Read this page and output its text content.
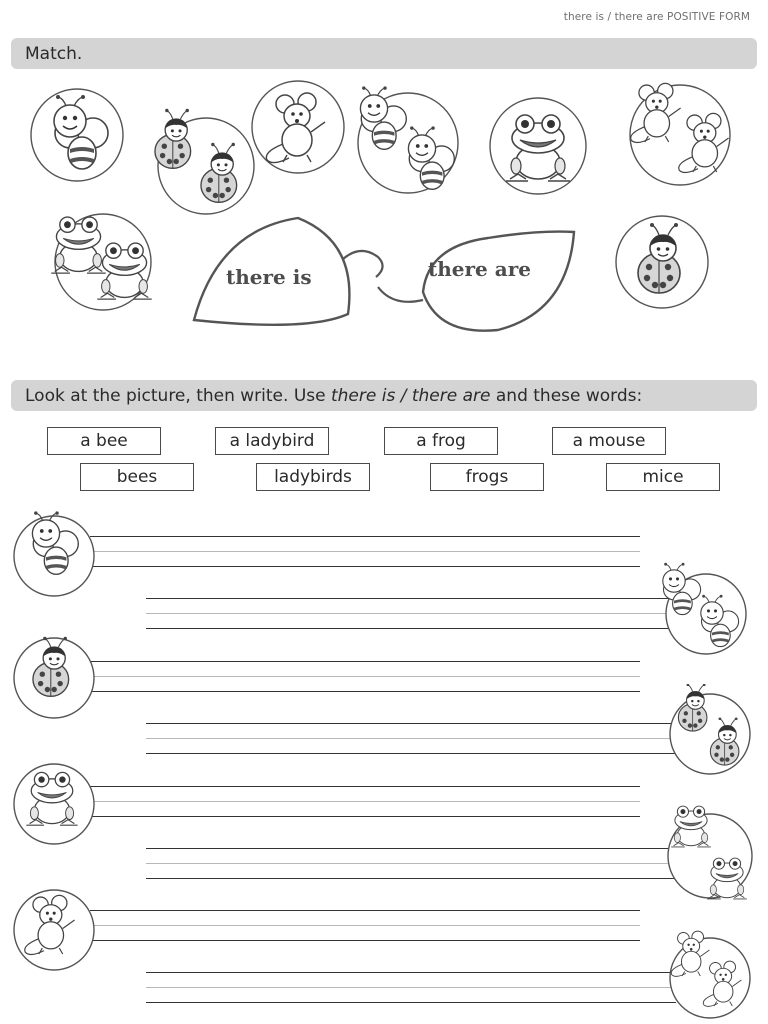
there is / there are POSITIVE FORM
Match.
there is	there are
Look at the picture, then write. Use there is / there are and these words:
a bee	a ladybird	a frog	a mouse
bees	ladybirds	frogs	mice
